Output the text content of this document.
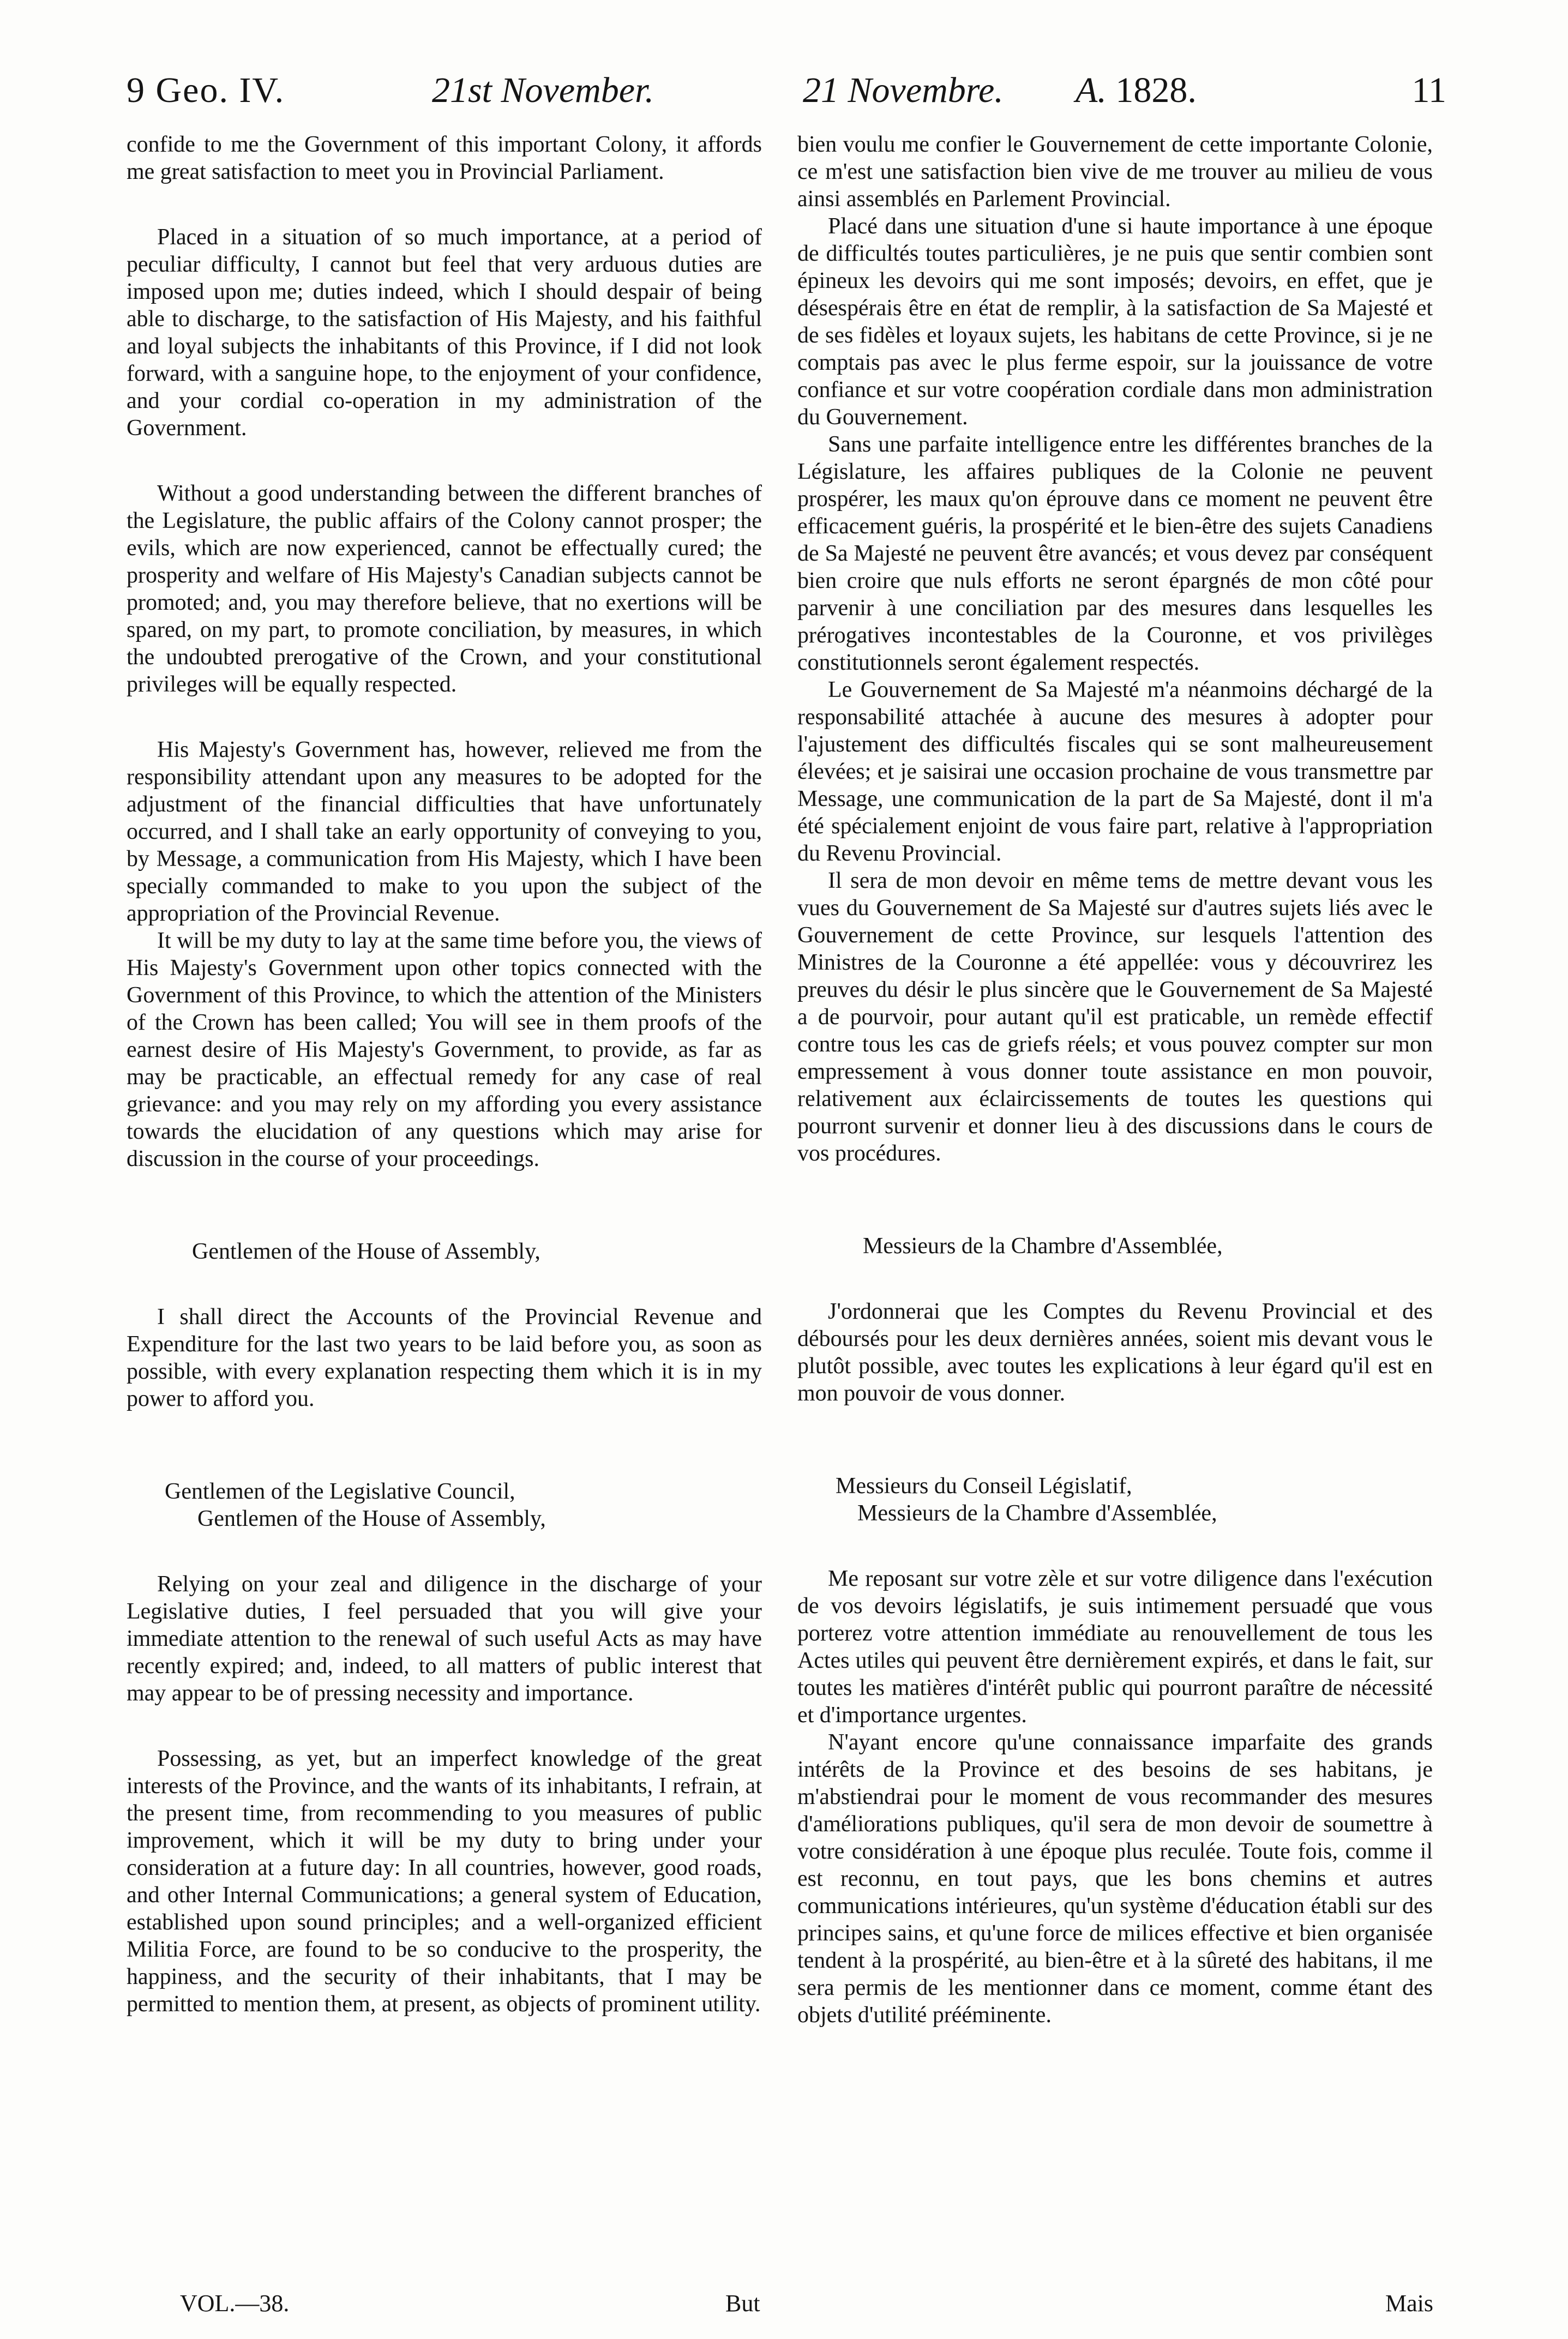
9 Geo. IV.	21st November.	21 Novembre. A. 1828.	11

confide to me the Government of this important Colony, it affords me great satisfaction to meet you in Provincial Parliament.

Placed in a situation of so much importance, at a period of peculiar difficulty, I cannot but feel that very arduous duties are imposed upon me; duties indeed, which I should despair of being able to discharge, to the satisfaction of His Majesty, and his faithful and loyal subjects the inhabitants of this Province, if I did not look forward, with a sanguine hope, to the enjoyment of your confidence, and your cordial co-operation in my administration of the Government.

Without a good understanding between the different branches of the Legislature, the public affairs of the Colony cannot prosper; the evils, which are now experienced, cannot be effectually cured; the prosperity and welfare of His Majesty's Canadian subjects cannot be promoted; and, you may therefore believe, that no exertions will be spared, on my part, to promote conciliation, by measures, in which the undoubted prerogative of the Crown, and your constitutional privileges will be equally respected.

His Majesty's Government has, however, relieved me from the responsibility attendant upon any measures to be adopted for the adjustment of the financial difficulties that have unfortunately occurred, and I shall take an early opportunity of conveying to you, by Message, a communication from His Majesty, which I have been specially commanded to make to you upon the subject of the appropriation of the Provincial Revenue.

It will be my duty to lay at the same time before you, the views of His Majesty's Government upon other topics connected with the Government of this Province, to which the attention of the Ministers of the Crown has been called; You will see in them proofs of the earnest desire of His Majesty's Government, to provide, as far as may be practicable, an effectual remedy for any case of real grievance: and you may rely on my affording you every assistance towards the elucidation of any questions which may arise for discussion in the course of your proceedings.

Gentlemen of the House of Assembly,

I shall direct the Accounts of the Provincial Revenue and Expenditure for the last two years to be laid before you, as soon as possible, with every explanation respecting them which it is in my power to afford you.

Gentlemen of the Legislative Council,
Gentlemen of the House of Assembly,

Relying on your zeal and diligence in the discharge of your Legislative duties, I feel persuaded that you will give your immediate attention to the renewal of such useful Acts as may have recently expired; and, indeed, to all matters of public interest that may appear to be of pressing necessity and importance.

Possessing, as yet, but an imperfect knowledge of the great interests of the Province, and the wants of its inhabitants, I refrain, at the present time, from recommending to you measures of public improvement, which it will be my duty to bring under your consideration at a future day: In all countries, however, good roads, and other Internal Communications; a general system of Education, established upon sound principles; and a well-organized efficient Militia Force, are found to be so conducive to the prosperity, the happiness, and the security of their inhabitants, that I may be permitted to mention them, at present, as objects of prominent utility.

bien voulu me confier le Gouvernement de cette importante Colonie, ce m'est une satisfaction bien vive de me trouver au milieu de vous ainsi assemblés en Parlement Provincial.

Placé dans une situation d'une si haute importance à une époque de difficultés toutes particulières, je ne puis que sentir combien sont épineux les devoirs qui me sont imposés; devoirs, en effet, que je désespérais être en état de remplir, à la satisfaction de Sa Majesté et de ses fidèles et loyaux sujets, les habitans de cette Province, si je ne comptais pas avec le plus ferme espoir, sur la jouissance de votre confiance et sur votre coopération cordiale dans mon administration du Gouvernement.

Sans une parfaite intelligence entre les différentes branches de la Législature, les affaires publiques de la Colonie ne peuvent prospérer, les maux qu'on éprouve dans ce moment ne peuvent être efficacement guéris, la prospérité et le bien-être des sujets Canadiens de Sa Majesté ne peuvent être avancés; et vous devez par conséquent bien croire que nuls efforts ne seront épargnés de mon côté pour parvenir à une conciliation par des mesures dans lesquelles les prérogatives incontestables de la Couronne, et vos privilèges constitutionnels seront également respectés.

Le Gouvernement de Sa Majesté m'a néanmoins déchargé de la responsabilité attachée à aucune des mesures à adopter pour l'ajustement des difficultés fiscales qui se sont malheureusement élevées; et je saisirai une occasion prochaine de vous transmettre par Message, une communication de la part de Sa Majesté, dont il m'a été spécialement enjoint de vous faire part, relative à l'appropriation du Revenu Provincial.

Il sera de mon devoir en même tems de mettre devant vous les vues du Gouvernement de Sa Majesté sur d'autres sujets liés avec le Gouvernement de cette Province, sur lesquels l'attention des Ministres de la Couronne a été appellée: vous y découvrirez les preuves du désir le plus sincère que le Gouvernement de Sa Majesté a de pourvoir, pour autant qu'il est praticable, un remède effectif contre tous les cas de griefs réels; et vous pouvez compter sur mon empressement à vous donner toute assistance en mon pouvoir, relativement aux éclaircissements de toutes les questions qui pourront survenir et donner lieu à des discussions dans le cours de vos procédures.

Messieurs de la Chambre d'Assemblée,

J'ordonnerai que les Comptes du Revenu Provincial et des déboursés pour les deux dernières années, soient mis devant vous le plutôt possible, avec toutes les explications à leur égard qu'il est en mon pouvoir de vous donner.

Messieurs du Conseil Législatif,
Messieurs de la Chambre d'Assemblée,

Me reposant sur votre zèle et sur votre diligence dans l'exécution de vos devoirs législatifs, je suis intimement persuadé que vous porterez votre attention immédiate au renouvellement de tous les Actes utiles qui peuvent être dernièrement expirés, et dans le fait, sur toutes les matières d'intérêt public qui pourront paraître de nécessité et d'importance urgentes.

N'ayant encore qu'une connaissance imparfaite des grands intérêts de la Province et des besoins de ses habitans, je m'abstiendrai pour le moment de vous recommander des mesures d'améliorations publiques, qu'il sera de mon devoir de soumettre à votre considération à une époque plus reculée. Toute fois, comme il est reconnu, en tout pays, que les bons chemins et autres communications intérieures, qu'un système d'éducation établi sur des principes sains, et qu'une force de milices effective et bien organisée tendent à la prospérité, au bien-être et à la sûreté des habitans, il me sera permis de les mentionner dans ce moment, comme étant des objets d'utilité prééminente.

VOL.—38.	But	Mais
